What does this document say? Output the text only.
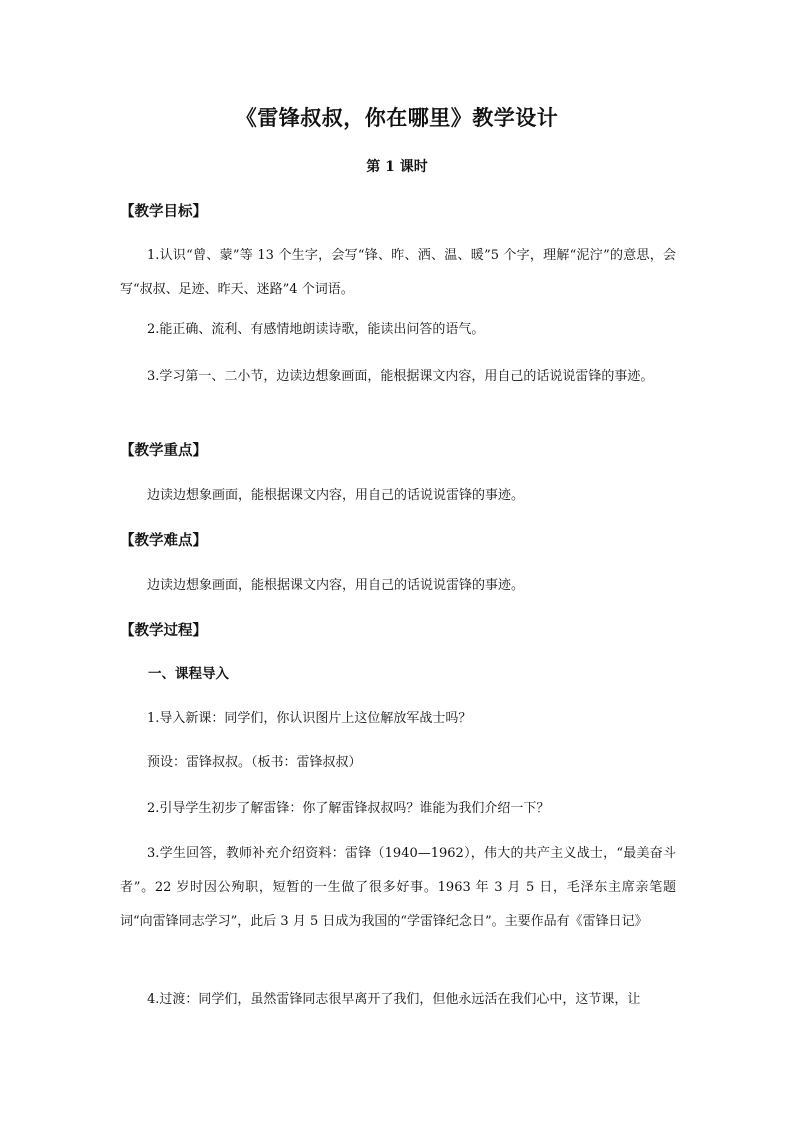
《雷锋叔叔，你在哪里》教学设计
第 1 课时
【教学目标】
1.认识“曾、蒙”等 13 个生字，会写“锋、昨、洒、温、暖”5 个字，理解“泥泞”的意思，会写“叔叔、足迹、昨天、迷路”4 个词语。
2.能正确、流利、有感情地朗读诗歌，能读出问答的语气。
3.学习第一、二小节，边读边想象画面，能根据课文内容，用自己的话说说雷锋的事迹。
【教学重点】
边读边想象画面，能根据课文内容，用自己的话说说雷锋的事迹。
【教学难点】
边读边想象画面，能根据课文内容，用自己的话说说雷锋的事迹。
【教学过程】
一、课程导入
1.导入新课：同学们，你认识图片上这位解放军战士吗？
预设：雷锋叔叔。（板书：雷锋叔叔）
2.引导学生初步了解雷锋：你了解雷锋叔叔吗？谁能为我们介绍一下？
3.学生回答，教师补充介绍资料：雷锋（1940—1962），伟大的共产主义战士，“最美奋斗者”。22 岁时因公殉职，短暂的一生做了很多好事。1963 年 3 月 5 日，毛泽东主席亲笔题词“向雷锋同志学习”，此后 3 月 5 日成为我国的“学雷锋纪念日”。主要作品有《雷锋日记》
4.过渡：同学们，虽然雷锋同志很早离开了我们，但他永远活在我们心中，这节课，让
